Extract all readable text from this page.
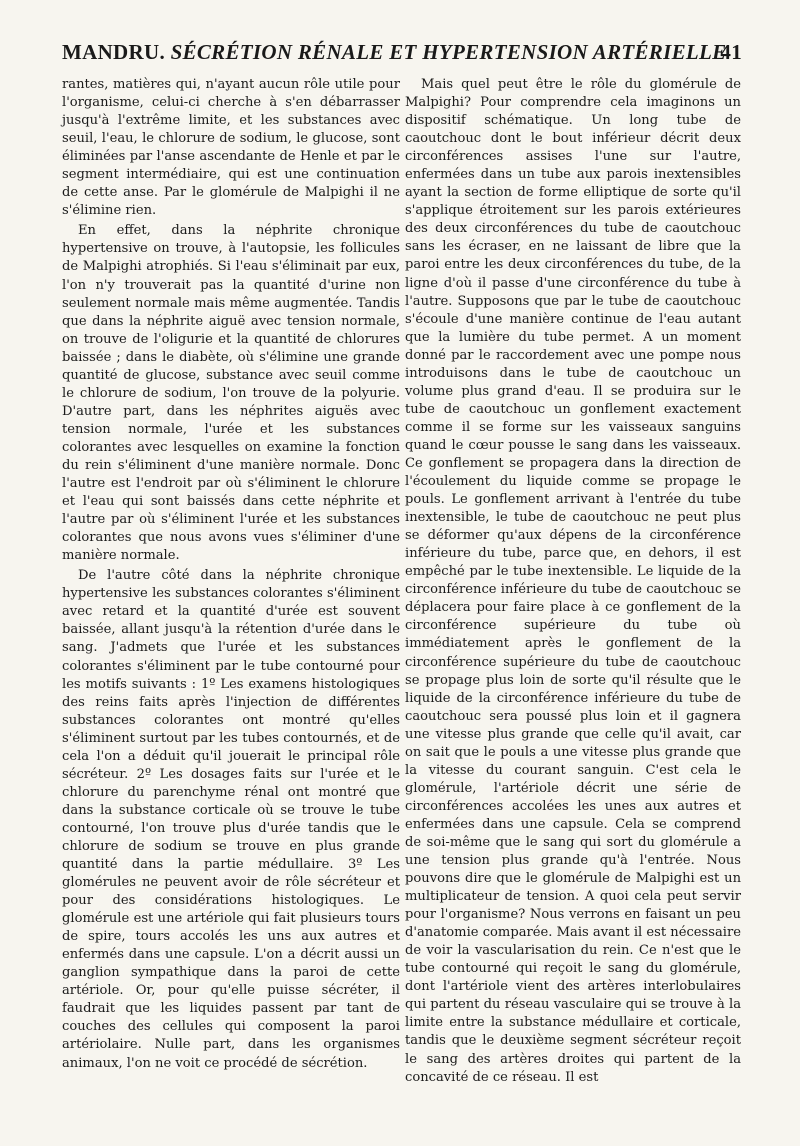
MANDRU. SÉCRÉTION RÉNALE ET HYPERTENSION ARTÉRIELLE
41

rantes, matières qui, n'ayant aucun rôle utile pour l'organisme, celui-ci cherche à s'en débarrasser jusqu'à l'extrême limite, et les substances avec seuil, l'eau, le chlorure de sodium, le glucose, sont éliminées par l'anse ascendante de Henle et par le segment intermédiaire, qui est une continuation de cette anse. Par le glomérule de Malpighi il ne s'élimine rien.

En effet, dans la néphrite chronique hypertensive on trouve, à l'autopsie, les follicules de Malpighi atrophiés. Si l'eau s'éliminait par eux, l'on n'y trouverait pas la quantité d'urine non seulement normale mais même augmentée. Tandis que dans la néphrite aiguë avec tension normale, on trouve de l'oligurie et la quantité de chlorures baissée ; dans le diabète, où s'élimine une grande quantité de glucose, substance avec seuil comme le chlorure de sodium, l'on trouve de la polyurie. D'autre part, dans les néphrites aiguës avec tension normale, l'urée et les substances colorantes avec lesquelles on examine la fonction du rein s'éliminent d'une manière normale. Donc l'autre est l'endroit par où s'éliminent le chlorure et l'eau qui sont baissés dans cette néphrite et l'autre par où s'éliminent l'urée et les substances colorantes que nous avons vues s'éliminer d'une manière normale.

De l'autre côté dans la néphrite chronique hypertensive les substances colorantes s'éliminent avec retard et la quantité d'urée est souvent baissée, allant jusqu'à la rétention d'urée dans le sang. J'admets que l'urée et les substances colorantes s'éliminent par le tube contourné pour les motifs suivants : 1º Les examens histologiques des reins faits après l'injection de différentes substances colorantes ont montré qu'elles s'éliminent surtout par les tubes contournés, et de cela l'on a déduit qu'il jouerait le principal rôle sécréteur. 2º Les dosages faits sur l'urée et le chlorure du parenchyme rénal ont montré que dans la substance corticale où se trouve le tube contourné, l'on trouve plus d'urée tandis que le chlorure de sodium se trouve en plus grande quantité dans la partie médullaire. 3º Les glomérules ne peuvent avoir de rôle sécréteur et pour des considérations histologiques. Le glomérule est une artériole qui fait plusieurs tours de spire, tours accolés les uns aux autres et enfermés dans une capsule. L'on a décrit aussi un ganglion sympathique dans la paroi de cette artériole. Or, pour qu'elle puisse sécréter, il faudrait que les liquides passent par tant de couches des cellules qui composent la paroi artériolaire. Nulle part, dans les organismes animaux, l'on ne voit ce procédé de sécrétion.

Mais quel peut être le rôle du glomérule de Malpighi? Pour comprendre cela imaginons un dispositif schématique. Un long tube de caoutchouc dont le bout inférieur décrit deux circonférences assises l'une sur l'autre, enfermées dans un tube aux parois inextensibles ayant la section de forme elliptique de sorte qu'il s'applique étroitement sur les parois extérieures des deux circonférences du tube de caoutchouc sans les écraser, en ne laissant de libre que la paroi entre les deux circonférences du tube, de la ligne d'où il passe d'une circonférence du tube à l'autre. Supposons que par le tube de caoutchouc s'écoule d'une manière continue de l'eau autant que la lumière du tube permet. A un moment donné par le raccordement avec une pompe nous introduisons dans le tube de caoutchouc un volume plus grand d'eau. Il se produira sur le tube de caoutchouc un gonflement exactement comme il se forme sur les vaisseaux sanguins quand le cœur pousse le sang dans les vaisseaux. Ce gonflement se propagera dans la direction de l'écoulement du liquide comme se propage le pouls. Le gonflement arrivant à l'entrée du tube inextensible, le tube de caoutchouc ne peut plus se déformer qu'aux dépens de la circonférence inférieure du tube, parce que, en dehors, il est empêché par le tube inextensible. Le liquide de la circonférence inférieure du tube de caoutchouc se déplacera pour faire place à ce gonflement de la circonférence supérieure du tube où immédiatement après le gonflement de la circonférence supérieure du tube de caoutchouc se propage plus loin de sorte qu'il résulte que le liquide de la circonférence inférieure du tube de caoutchouc sera poussé plus loin et il gagnera une vitesse plus grande que celle qu'il avait, car on sait que le pouls a une vitesse plus grande que la vitesse du courant sanguin. C'est cela le glomérule, l'artériole décrit une série de circonférences accolées les unes aux autres et enfermées dans une capsule. Cela se comprend de soi-même que le sang qui sort du glomérule a une tension plus grande qu'à l'entrée. Nous pouvons dire que le glomérule de Malpighi est un multiplicateur de tension. A quoi cela peut servir pour l'organisme? Nous verrons en faisant un peu d'anatomie comparée. Mais avant il est nécessaire de voir la vascularisation du rein. Ce n'est que le tube contourné qui reçoit le sang du glomérule, dont l'artériole vient des artères interlobulaires qui partent du réseau vasculaire qui se trouve à la limite entre la substance médullaire et corticale, tandis que le deuxième segment sécréteur reçoit le sang des artères droites qui partent de la concavité de ce réseau. Il est
